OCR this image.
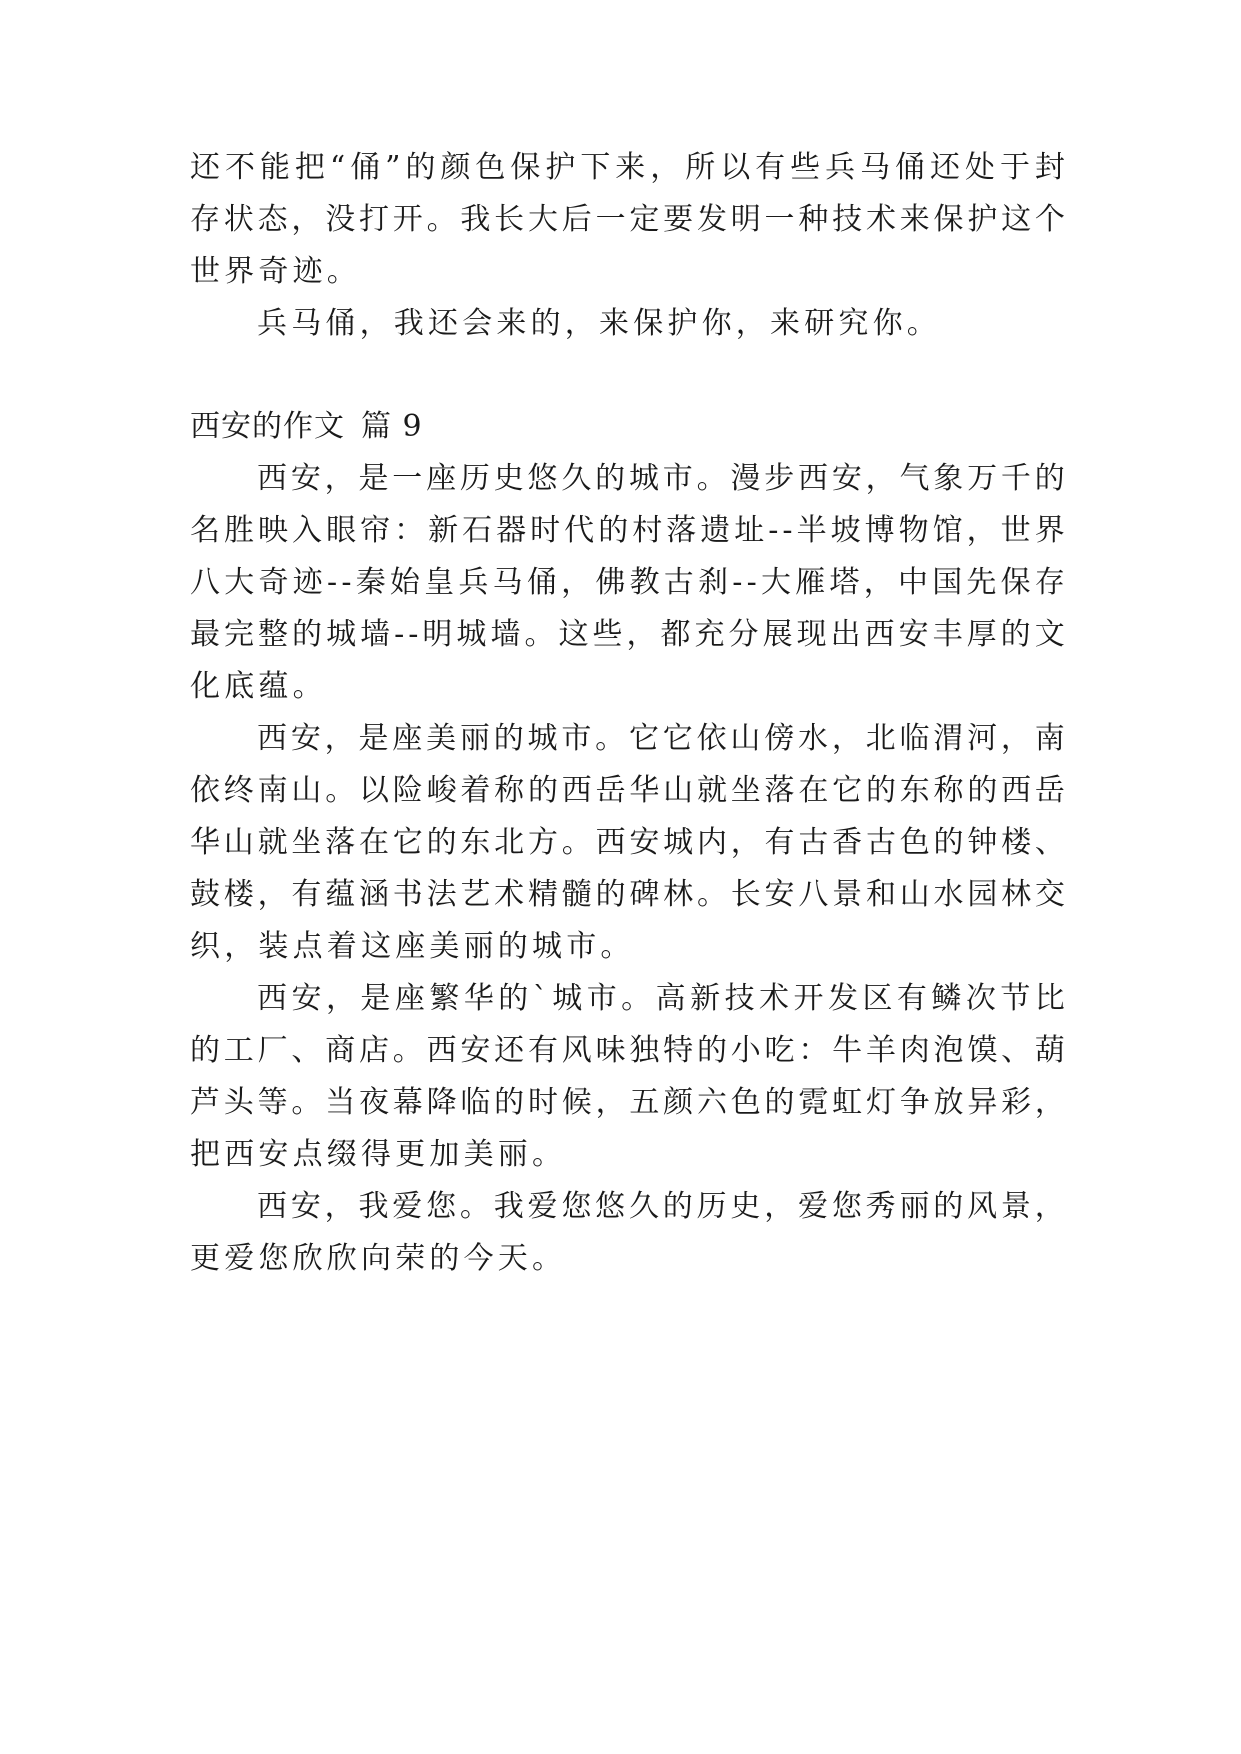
还 不 能 把 “ 俑 ” 的 颜 色 保 护 下 来 ， 所 以 有 些 兵 马 俑 还 处 于 封
存 状 态 ， 没 打 开 。 我 长 大 后 一 定 要 发 明 一 种 技 术 来 保 护 这 个
世界奇迹。
兵马俑，我还会来的，来保护你，来研究你。
西安的作文 篇 9
西 安 ， 是 一 座 历 史 悠 久 的 城 市 。 漫 步 西 安 ， 气 象 万 千 的
名 胜 映 入 眼 帘 ： 新 石 器 时 代 的 村 落 遗 址 - - 半 坡 博 物 馆 ， 世 界
八 大 奇 迹 - - 秦 始 皇 兵 马 俑 ， 佛 教 古 刹 - - 大 雁 塔 ， 中 国 先 保 存
最 完 整 的 城 墙 - - 明 城 墙 。 这 些 ， 都 充 分 展 现 出 西 安 丰 厚 的 文
化底蕴。
西 安 ， 是 座 美 丽 的 城 市 。 它 它 依 山 傍 水 ， 北 临 渭 河 ， 南
依 终 南 山 。 以 险 峻 着 称 的 西 岳 华 山 就 坐 落 在 它 的 东 称 的 西 岳
华 山 就 坐 落 在 它 的 东 北 方 。 西 安 城 内 ， 有 古 香 古 色 的 钟 楼 、
鼓 楼 ， 有 蕴 涵 书 法 艺 术 精 髓 的 碑 林 。 长 安 八 景 和 山 水 园 林 交
织，装点着这座美丽的城市。
西 安 ， 是 座 繁 华 的 ` 城 市 。 高 新 技 术 开 发 区 有 鳞 次 节 比
的 工 厂 、 商 店 。 西 安 还 有 风 味 独 特 的 小 吃 ： 牛 羊 肉 泡 馍 、 葫
芦 头 等 。 当 夜 幕 降 临 的 时 候 ， 五 颜 六 色 的 霓 虹 灯 争 放 异 彩 ，
把西安点缀得更加美丽。
西 安 ， 我 爱 您 。 我 爱 您 悠 久 的 历 史 ， 爱 您 秀 丽 的 风 景 ，
更爱您欣欣向荣的今天。
